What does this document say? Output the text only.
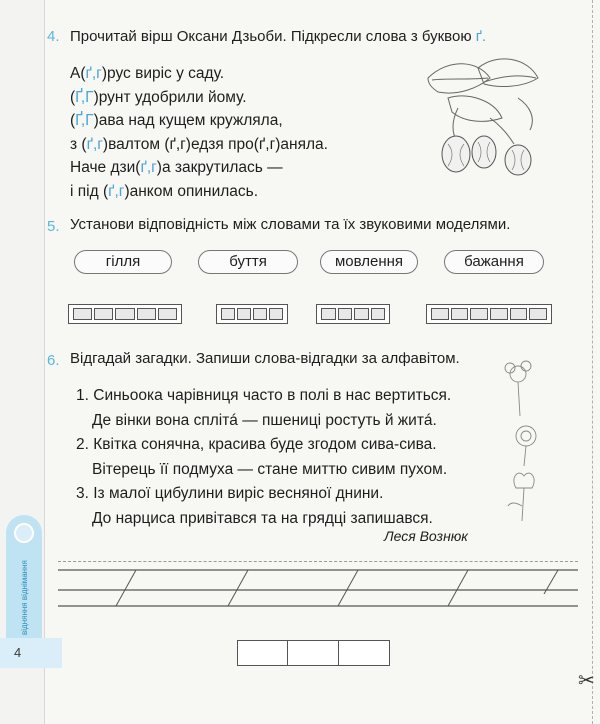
відняння віднімання
4
4. Прочитай вірш Оксани Дзьоби. Підкресли слова з буквою ґ.
А(ґ,г)рус виріс у саду.
(Ґ,Г)рунт удобрили йому.
(Ґ,Г)ава над кущем кружляла,
з (ґ,г)валтом (ґ,г)едзя про(ґ,г)аняла.
Наче дзи(ґ,г)а закрутилась —
і під (ґ,г)анком опинилась.
5. Установи відповідність між словами та їх звуковими моделями.
гілля	буття	мовлення	бажання
6. Відгадай загадки. Запиши слова-відгадки за алфавітом.
1. Синьоока чарівниця часто в полі в нас вертиться.
Де вінки вона сплітá — пшениці ростуть й житá.
2. Квітка сонячна, красива буде згодом сива-сива.
Вітерець її подмуха — стане миттю сивим пухом.
3. Із малої цибулини виріс весняної днини.
До нарциса привітався та на грядці запишався.
Леся Вознюк
✂
